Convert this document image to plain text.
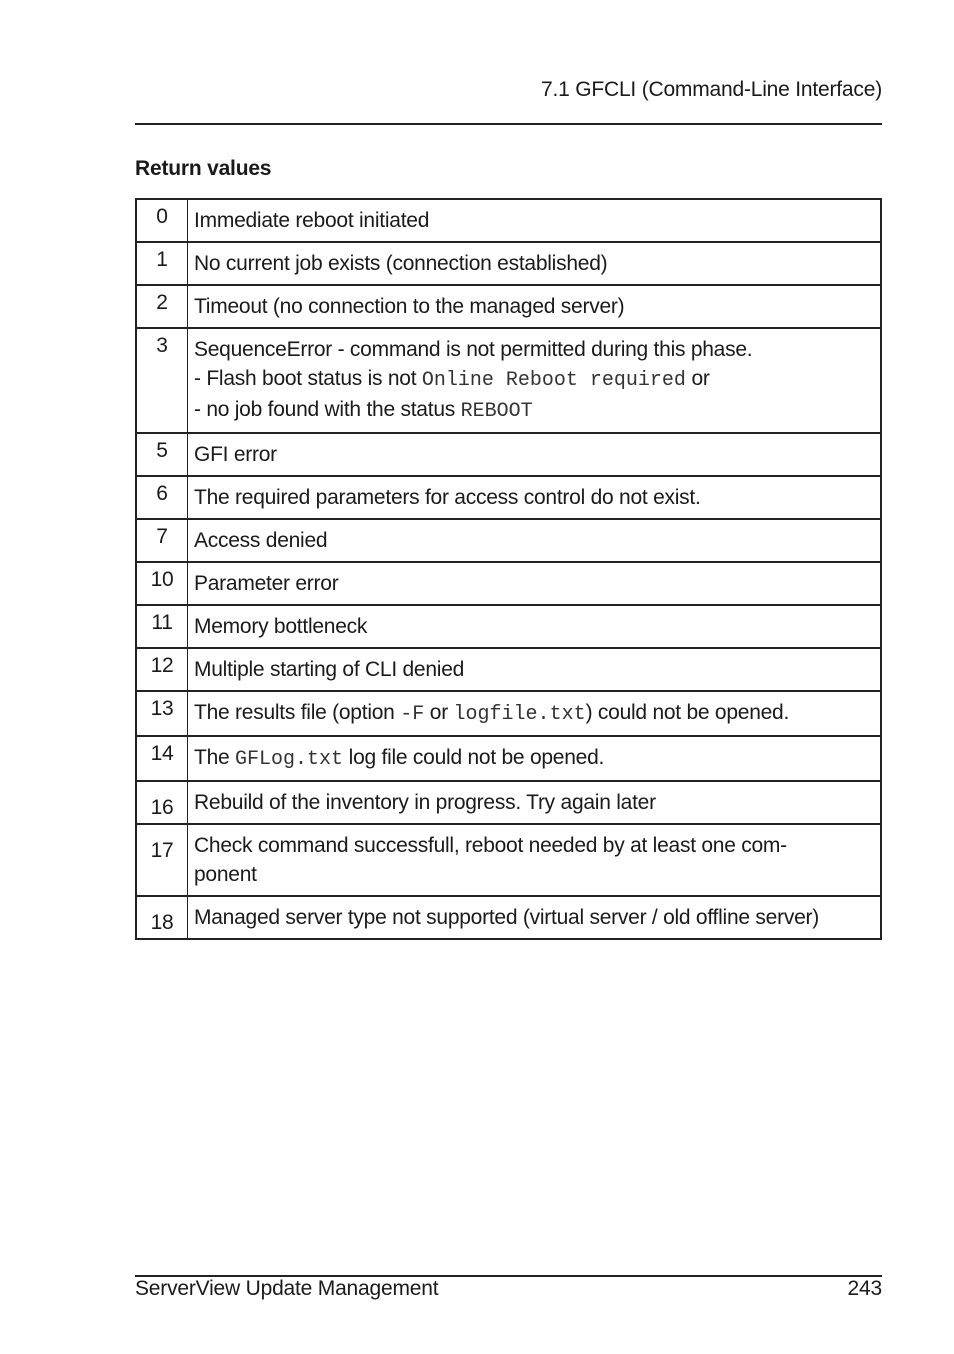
7.1 GFCLI (Command-Line Interface)
Return values
0	Immediate reboot initiated
1	No current job exists (connection established)
2	Timeout (no connection to the managed server)
3	SequenceError - command is not permitted during this phase.
- Flash boot status is not Online Reboot required or
- no job found with the status REBOOT

5	GFI error
6	The required parameters for access control do not exist.
7	Access denied
10	Parameter error
11	Memory bottleneck
12	Multiple starting of CLI denied
13	The results file (option -F or logfile.txt) could not be opened.
14	The GFLog.txt log file could not be opened.
16	Rebuild of the inventory in progress. Try again later
17	Check command successfull, reboot needed by at least one com-
ponent

18	Managed server type not supported (virtual server / old offline server)
ServerView Update Management	243
